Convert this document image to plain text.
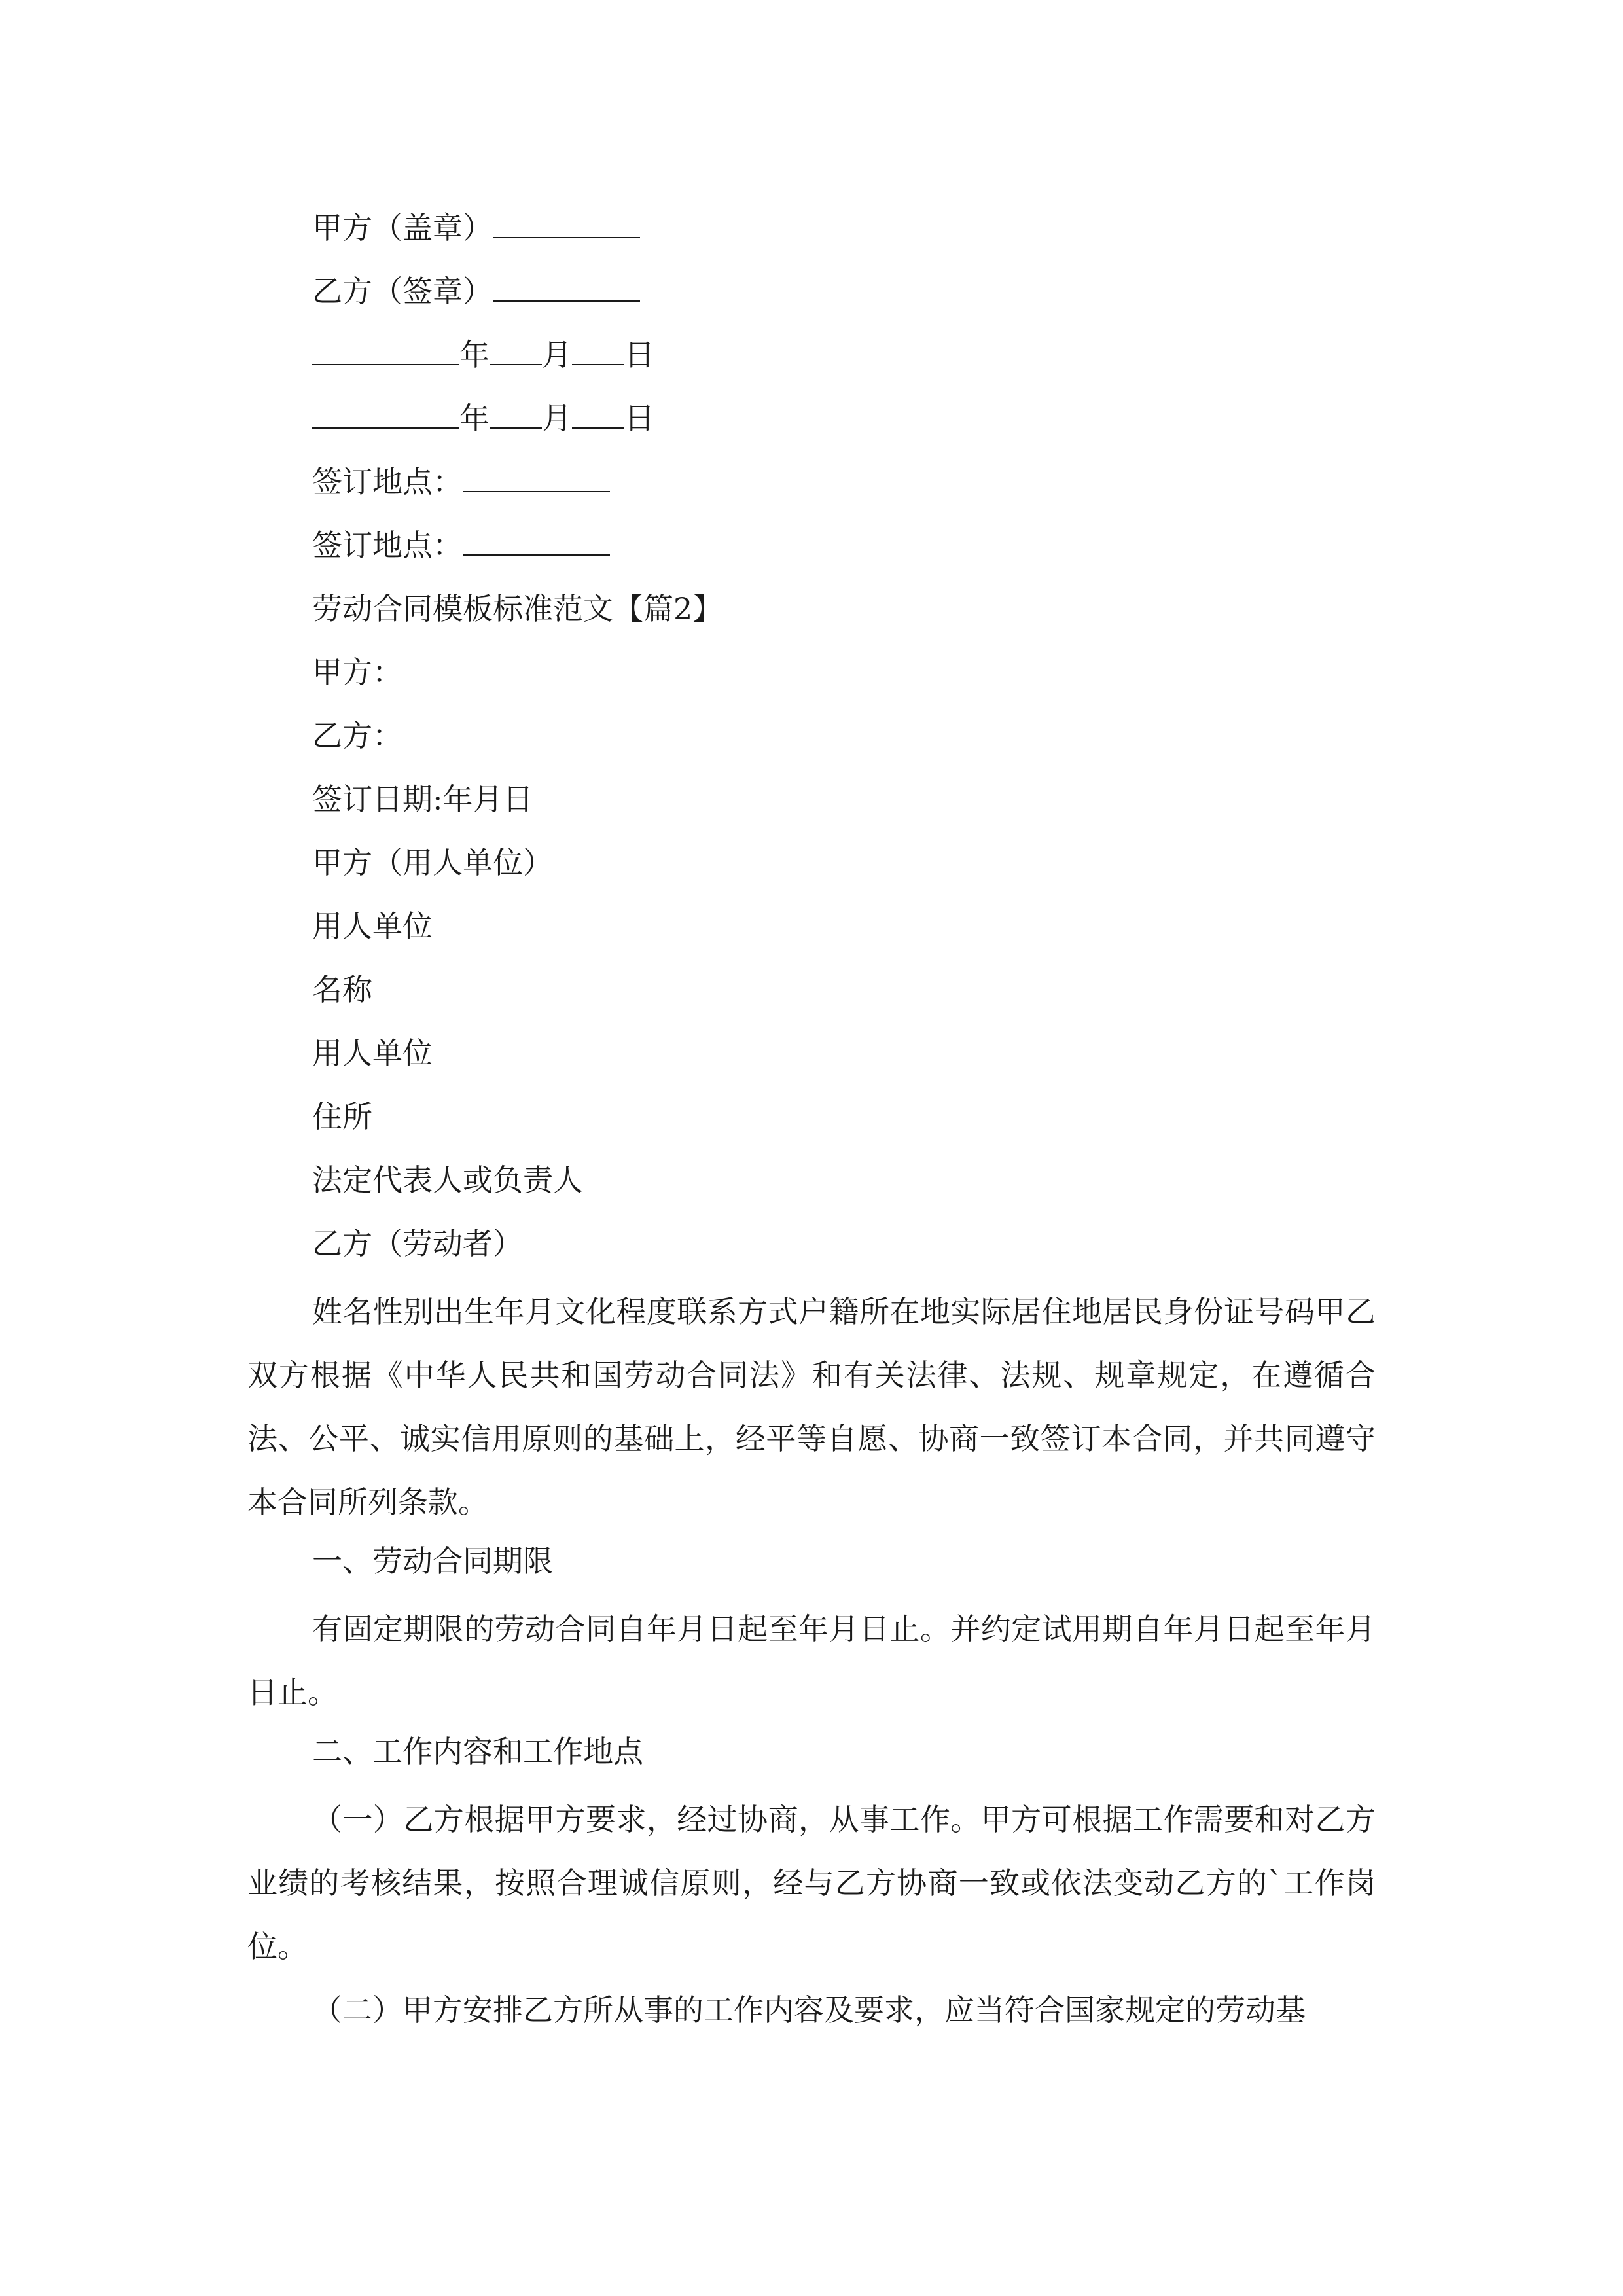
甲方（盖章）
乙方（签章）
年 月 日
年 月 日
签订地点：
签订地点：
劳动合同模板标准范文【篇2】
甲方：
乙方：
签订日期:年月日
甲方（用人单位）
用人单位
名称
用人单位
住所
法定代表人或负责人
乙方（劳动者）
姓名性别出生年月文化程度联系方式户籍所在地实际居住地居民身份证号码甲乙双方根据《中华人民共和国劳动合同法》和有关法律、法规、规章规定，在遵循合法、公平、诚实信用原则的基础上，经平等自愿、协商一致签订本合同，并共同遵守本合同所列条款。
一、劳动合同期限
有固定期限的劳动合同自年月日起至年月日止。并约定试用期自年月日起至年月日止。
二、工作内容和工作地点
（一）乙方根据甲方要求，经过协商，从事工作。甲方可根据工作需要和对乙方业绩的考核结果，按照合理诚信原则，经与乙方协商一致或依法变动乙方的`工作岗位。
（二）甲方安排乙方所从事的工作内容及要求，应当符合国家规定的劳动基
